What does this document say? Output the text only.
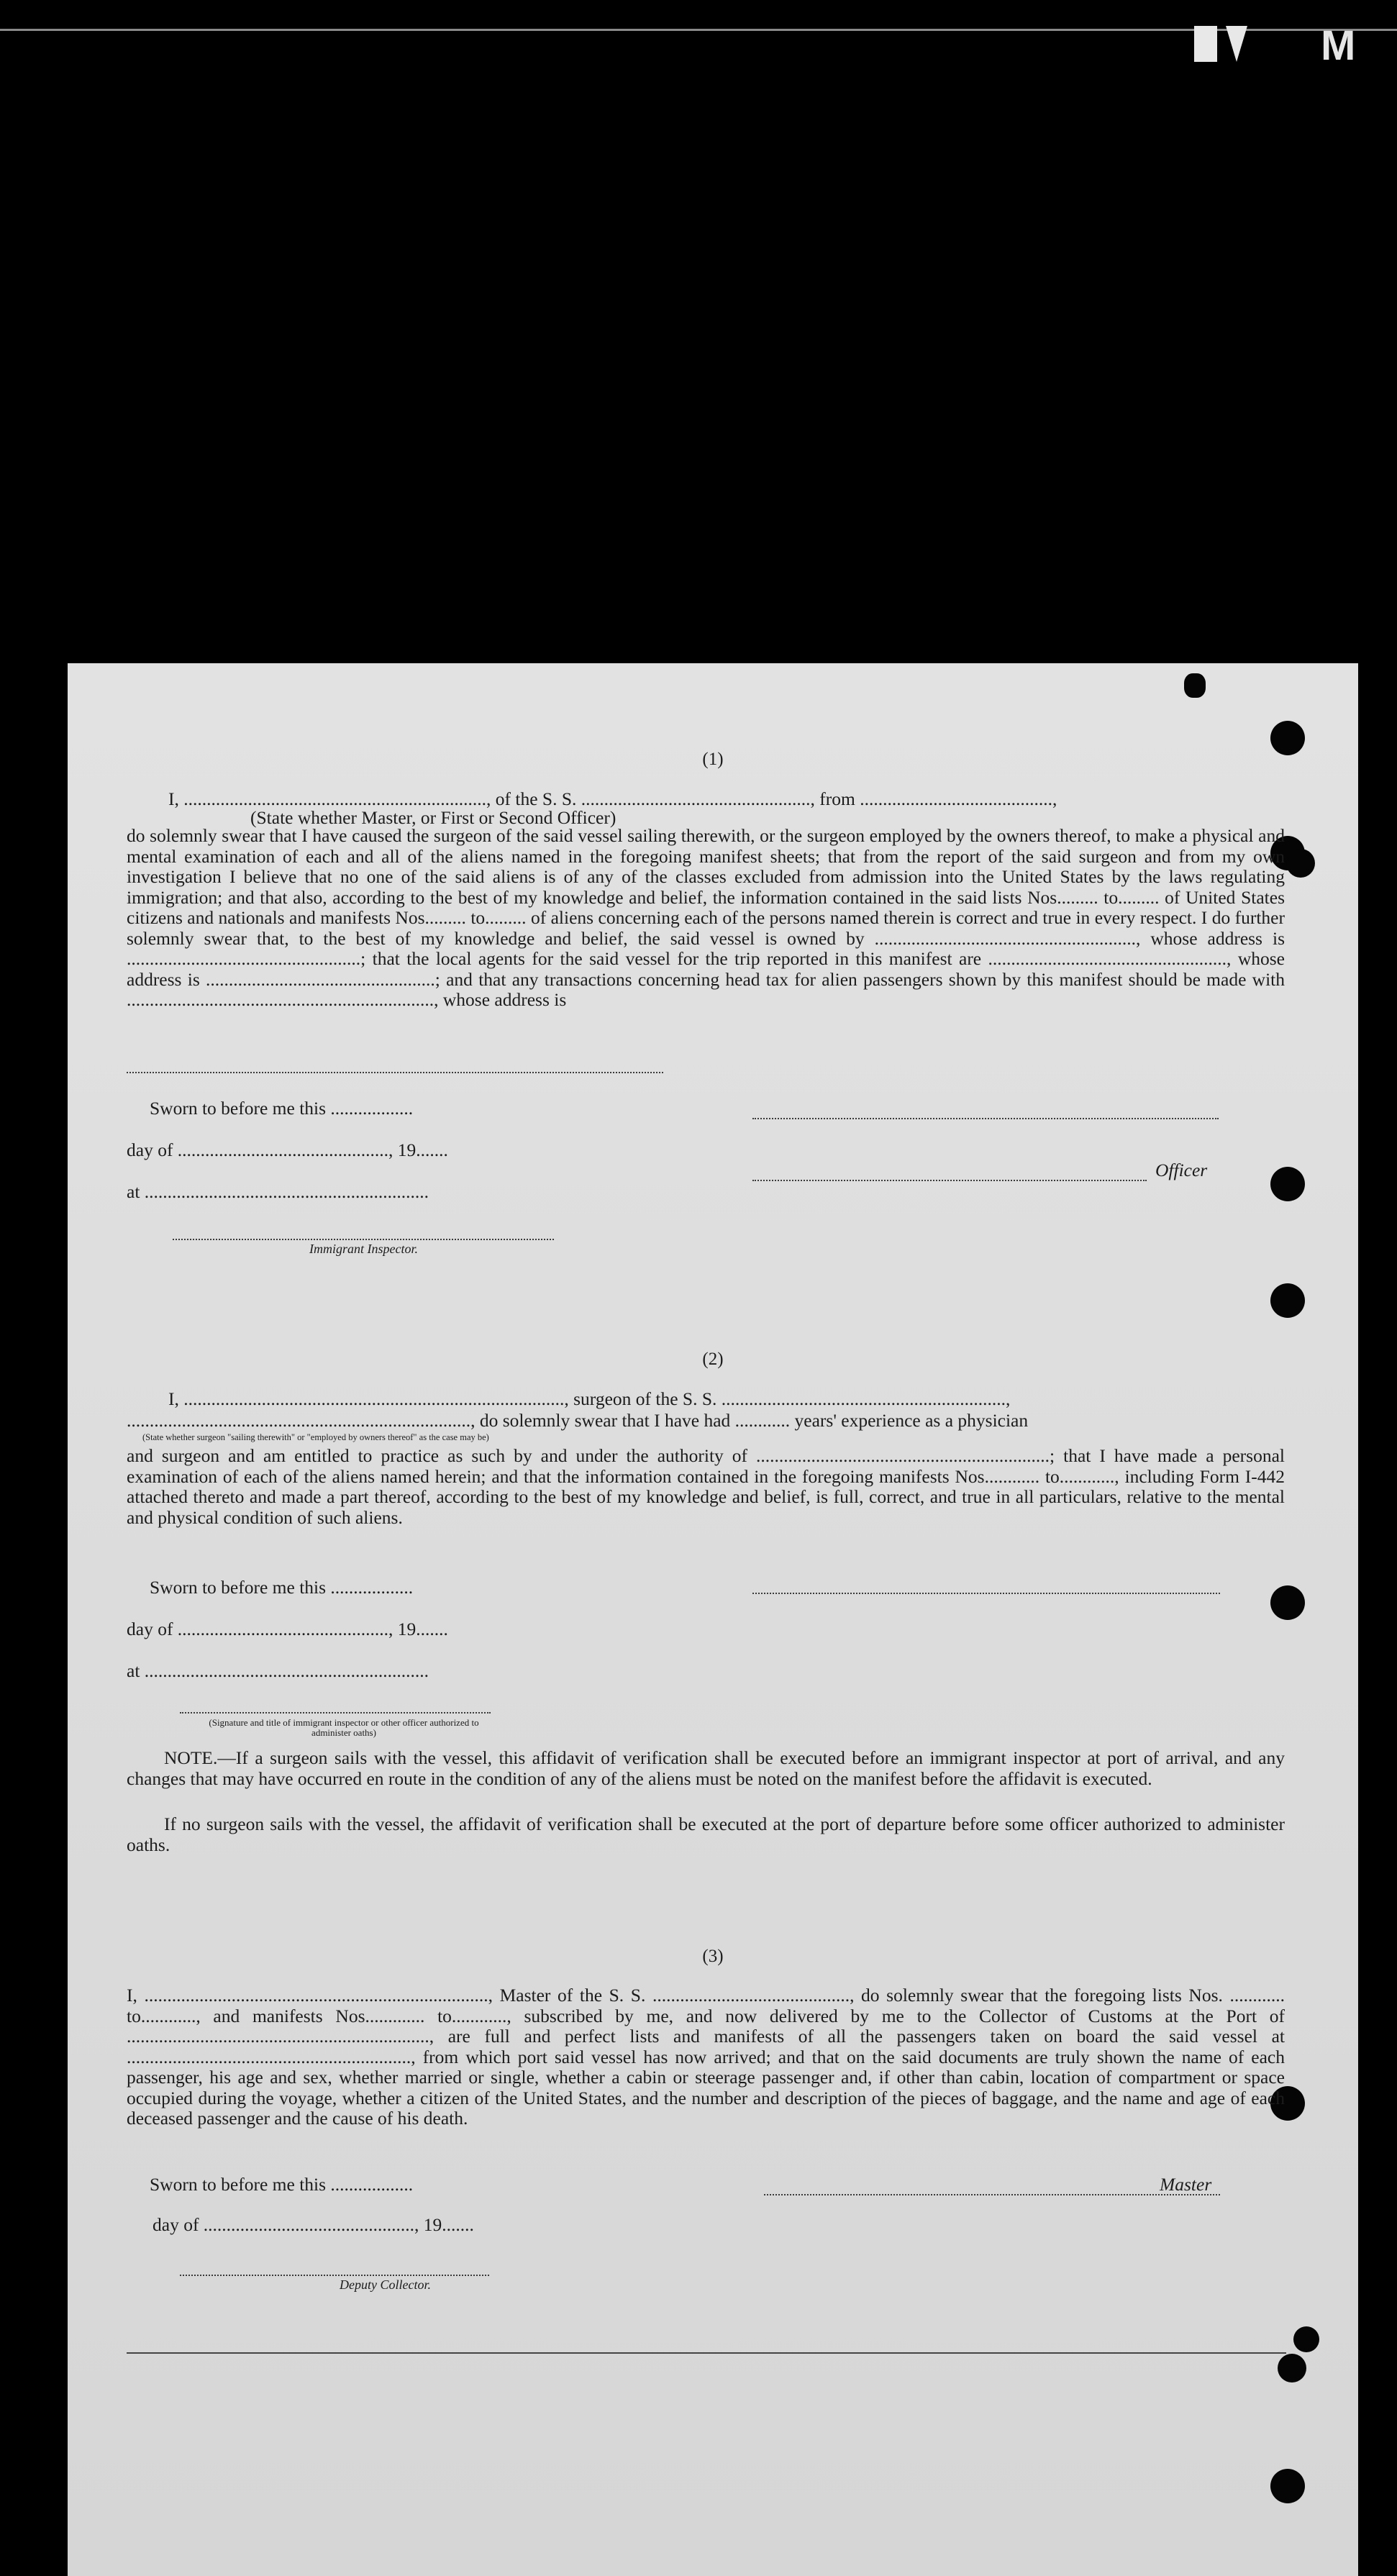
M
(1)
I, .................................................................., of the S. S. .................................................., from ..........................................,
(State whether Master, or First or Second Officer)
do solemnly swear that I have caused the surgeon of the said vessel sailing therewith, or the surgeon employed by the owners thereof, to make a physical and mental examination of each and all of the aliens named in the foregoing manifest sheets; that from the report of the said surgeon and from my own investigation I believe that no one of the said aliens is of any of the classes excluded from admission into the United States by the laws regulating immigration; and that also, according to the best of my knowledge and belief, the information contained in the said lists Nos......... to......... of United States citizens and nationals and manifests Nos......... to......... of aliens concerning each of the persons named therein is correct and true in every respect. I do further solemnly swear that, to the best of my knowledge and belief, the said vessel is owned by ........................................................., whose address is ...................................................; that the local agents for the said vessel for the trip reported in this manifest are ...................................................., whose address is ..................................................; and that any transactions concerning head tax for alien passengers shown by this manifest should be made with ..................................................................., whose address is
Sworn to before me this ..................
day of .............................................., 19.......
Officer
at ..............................................................
Immigrant Inspector.
(2)
I, ..................................................................................., surgeon of the S. S. ..............................................................,
..........................................................................., do solemnly swear that I have had ............ years' experience as a physician
(State whether surgeon "sailing therewith" or "employed by owners thereof" as the case may be)
and surgeon and am entitled to practice as such by and under the authority of ................................................................; that I have made a personal examination of each of the aliens named herein; and that the information contained in the foregoing manifests Nos............ to............, including Form I-442 attached thereto and made a part thereof, according to the best of my knowledge and belief, is full, correct, and true in all particulars, relative to the mental and physical condition of such aliens.
Sworn to before me this ..................
day of .............................................., 19.......
at ..............................................................
(Signature and title of immigrant inspector or other officer authorized to administer oaths)
NOTE.—If a surgeon sails with the vessel, this affidavit of verification shall be executed before an immigrant inspector at port of arrival, and any changes that may have occurred en route in the condition of any of the aliens must be noted on the manifest before the affidavit is executed.
If no surgeon sails with the vessel, the affidavit of verification shall be executed at the port of departure before some officer authorized to administer oaths.
(3)
I, ..........................................................................., Master of the S. S. ..........................................., do solemnly swear that the foregoing lists Nos. ............ to............, and manifests Nos............. to............, subscribed by me, and now delivered by me to the Collector of Customs at the Port of .................................................................., are full and perfect lists and manifests of all the passengers taken on board the said vessel at .............................................................., from which port said vessel has now arrived; and that on the said documents are truly shown the name of each passenger, his age and sex, whether married or single, whether a cabin or steerage passenger and, if other than cabin, location of compartment or space occupied during the voyage, whether a citizen of the United States, and the number and description of the pieces of baggage, and the name and age of each deceased passenger and the cause of his death.
Sworn to before me this ..................	Master
day of .............................................., 19.......
Deputy Collector.
